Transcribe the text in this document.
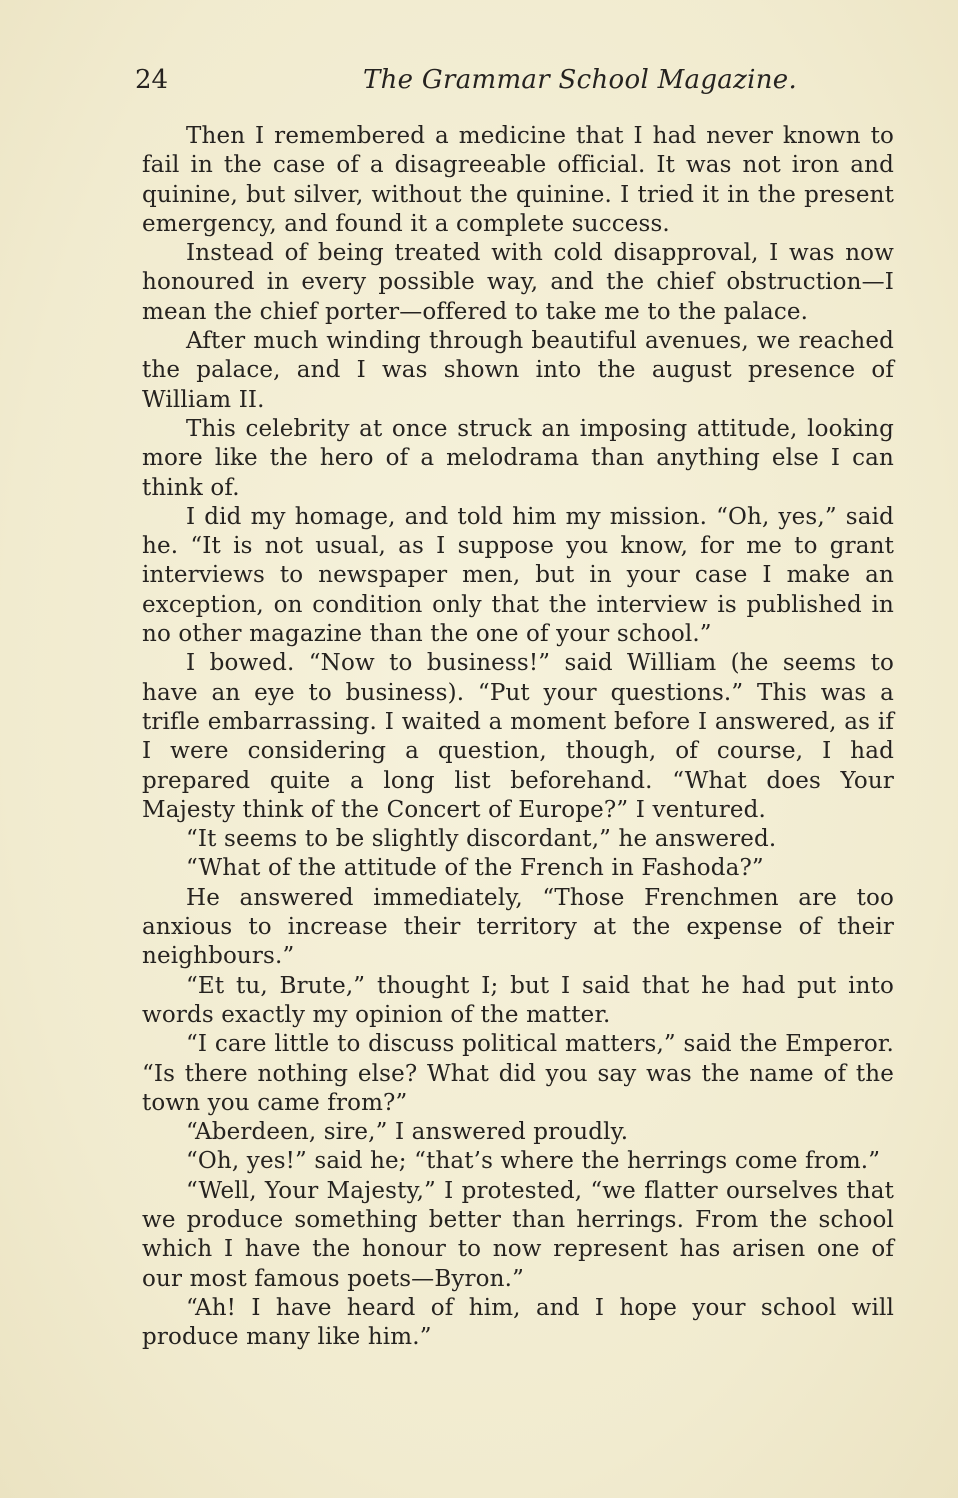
24	The Grammar School Magazine.

Then I remembered a medicine that I had never known to fail in the case of a disagreeable official. It was not iron and quinine, but silver, without the quinine. I tried it in the present emergency, and found it a complete success.

Instead of being treated with cold disapproval, I was now honoured in every possible way, and the chief obstruction—I mean the chief porter—offered to take me to the palace.

After much winding through beautiful avenues, we reached the palace, and I was shown into the august presence of William II.

This celebrity at once struck an imposing attitude, looking more like the hero of a melodrama than anything else I can think of.

I did my homage, and told him my mission. “Oh, yes,” said he. “It is not usual, as I suppose you know, for me to grant interviews to newspaper men, but in your case I make an exception, on condition only that the interview is published in no other magazine than the one of your school.”

I bowed. “Now to business!” said William (he seems to have an eye to business). “Put your questions.” This was a trifle embarrassing. I waited a moment before I answered, as if I were considering a question, though, of course, I had prepared quite a long list beforehand. “What does Your Majesty think of the Concert of Europe?” I ventured.

“It seems to be slightly discordant,” he answered.

“What of the attitude of the French in Fashoda?”

He answered immediately, “Those Frenchmen are too anxious to increase their territory at the expense of their neighbours.”

“Et tu, Brute,” thought I; but I said that he had put into words exactly my opinion of the matter.

“I care little to discuss political matters,” said the Emperor. “Is there nothing else? What did you say was the name of the town you came from?”

“Aberdeen, sire,” I answered proudly.

“Oh, yes!” said he; “that’s where the herrings come from.”

“Well, Your Majesty,” I protested, “we flatter ourselves that we produce something better than herrings. From the school which I have the honour to now represent has arisen one of our most famous poets—Byron.”

“Ah! I have heard of him, and I hope your school will produce many like him.”
